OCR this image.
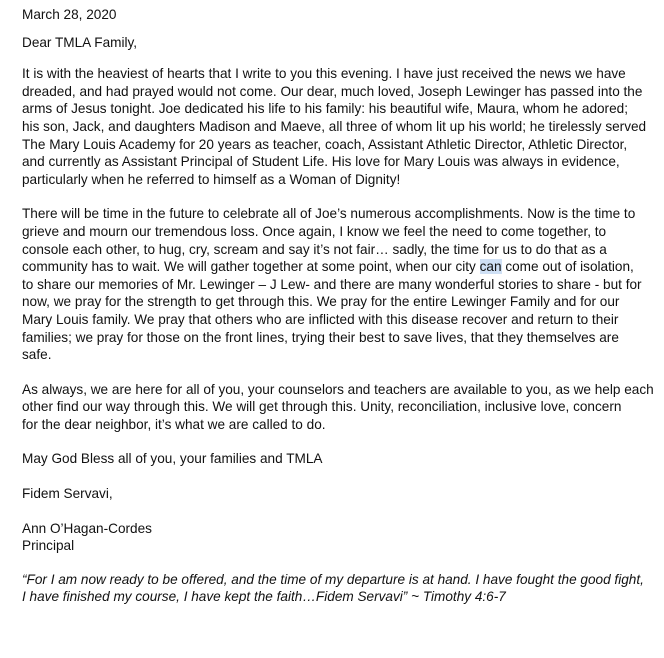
March 28, 2020
Dear TMLA Family,
It is with the heaviest of hearts that I write to you this evening. I have just received the news we have
dreaded, and had prayed would not come. Our dear, much loved, Joseph Lewinger has passed into the
arms of Jesus tonight. Joe dedicated his life to his family: his beautiful wife, Maura, whom he adored;
his son, Jack, and daughters Madison and Maeve, all three of whom lit up his world; he tirelessly served
The Mary Louis Academy for 20 years as teacher, coach, Assistant Athletic Director, Athletic Director,
and currently as Assistant Principal of Student Life. His love for Mary Louis was always in evidence,
particularly when he referred to himself as a Woman of Dignity!
There will be time in the future to celebrate all of Joe’s numerous accomplishments. Now is the time to
grieve and mourn our tremendous loss. Once again, I know we feel the need to come together, to
console each other, to hug, cry, scream and say it’s not fair… sadly, the time for us to do that as a
community has to wait. We will gather together at some point, when our city can come out of isolation,
to share our memories of Mr. Lewinger – J Lew- and there are many wonderful stories to share - but for
now, we pray for the strength to get through this. We pray for the entire Lewinger Family and for our
Mary Louis family. We pray that others who are inflicted with this disease recover and return to their
families; we pray for those on the front lines, trying their best to save lives, that they themselves are
safe.
As always, we are here for all of you, your counselors and teachers are available to you, as we help each
other find our way through this. We will get through this. Unity, reconciliation, inclusive love, concern
for the dear neighbor, it’s what we are called to do.
May God Bless all of you, your families and TMLA
Fidem Servavi,
Ann O’Hagan-Cordes
Principal
“For I am now ready to be offered, and the time of my departure is at hand. I have fought the good fight,
I have finished my course, I have kept the faith…Fidem Servavi” ~ Timothy 4:6-7
